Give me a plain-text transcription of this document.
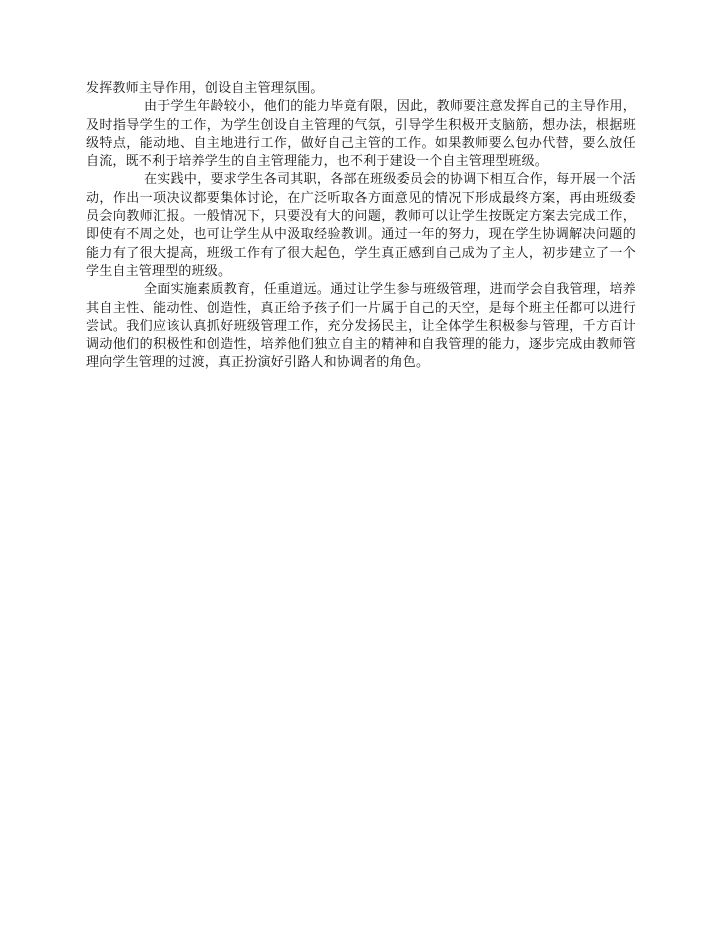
发挥教师主导作用，创设自主管理氛围。

由于学生年龄较小，他们的能力毕竟有限，因此，教师要注意发挥自己的主导作用，及时指导学生的工作，为学生创设自主管理的气氛，引导学生积极开支脑筋，想办法，根据班级特点，能动地、自主地进行工作，做好自己主管的工作。如果教师要么包办代替，要么放任自流，既不利于培养学生的自主管理能力，也不利于建设一个自主管理型班级。

在实践中，要求学生各司其职，各部在班级委员会的协调下相互合作，每开展一个活动，作出一项决议都要集体讨论，在广泛听取各方面意见的情况下形成最终方案，再由班级委员会向教师汇报。一般情况下，只要没有大的问题，教师可以让学生按既定方案去完成工作，即使有不周之处，也可让学生从中汲取经验教训。通过一年的努力，现在学生协调解决问题的能力有了很大提高，班级工作有了很大起色，学生真正感到自己成为了主人，初步建立了一个学生自主管理型的班级。

全面实施素质教育，任重道远。通过让学生参与班级管理，进而学会自我管理，培养其自主性、能动性、创造性，真正给予孩子们一片属于自己的天空，是每个班主任都可以进行尝试。我们应该认真抓好班级管理工作，充分发扬民主，让全体学生积极参与管理，千方百计调动他们的积极性和创造性，培养他们独立自主的精神和自我管理的能力，逐步完成由教师管理向学生管理的过渡，真正扮演好引路人和协调者的角色。
